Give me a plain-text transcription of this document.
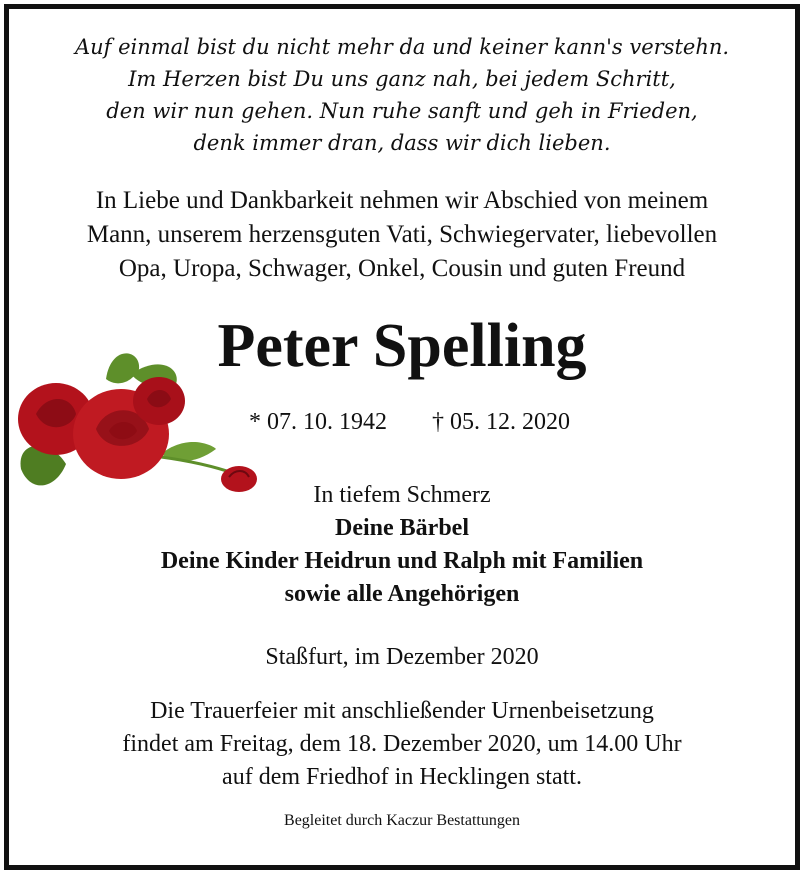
Auf einmal bist du nicht mehr da und keiner kann's verstehn.
Im Herzen bist Du uns ganz nah, bei jedem Schritt,
den wir nun gehen. Nun ruhe sanft und geh in Frieden,
denk immer dran, dass wir dich lieben.
In Liebe und Dankbarkeit nehmen wir Abschied von meinem
Mann, unserem herzensguten Vati, Schwiegervater, liebevollen
Opa, Uropa, Schwager, Onkel, Cousin und guten Freund
Peter Spelling
* 07. 10. 1942 † 05. 12. 2020
In tiefem Schmerz
Deine Bärbel
Deine Kinder Heidrun und Ralph mit Familien
sowie alle Angehörigen
Staßfurt, im Dezember 2020
Die Trauerfeier mit anschließender Urnenbeisetzung
findet am Freitag, dem 18. Dezember 2020, um 14.00 Uhr
auf dem Friedhof in Hecklingen statt.
Begleitet durch Kaczur Bestattungen
